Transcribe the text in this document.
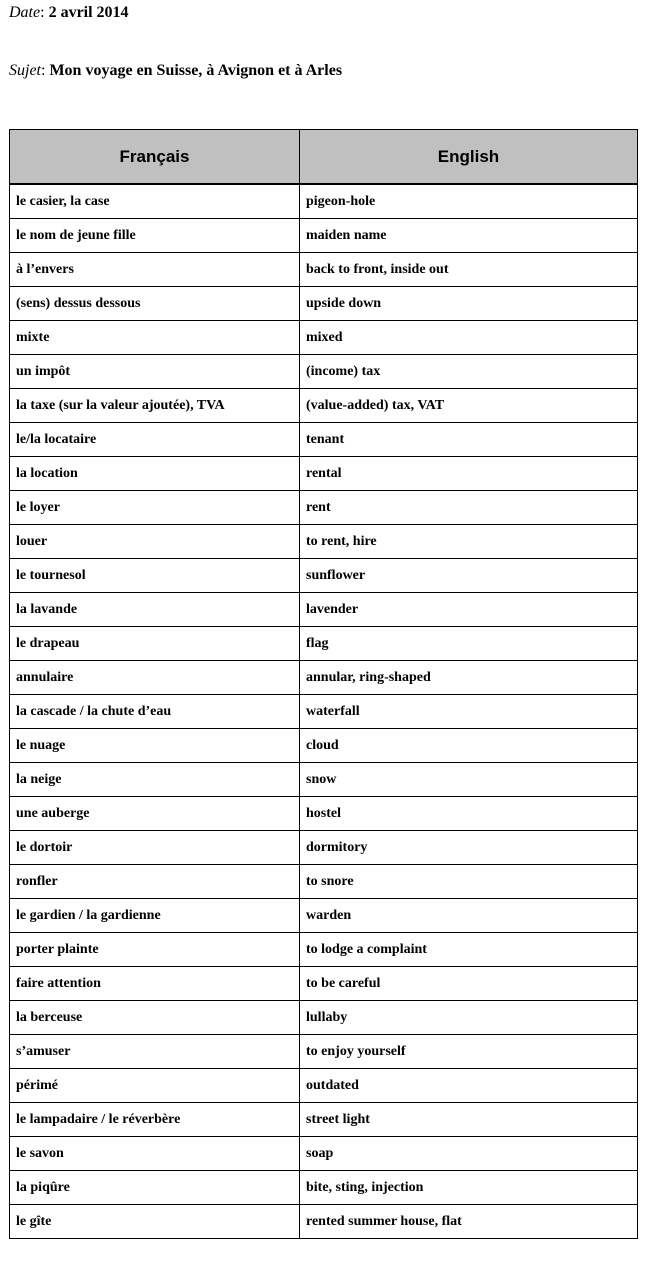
Date: 2 avril 2014
Sujet: Mon voyage en Suisse, à Avignon et à Arles
Français	English
le casier, la case	pigeon-hole
le nom de jeune fille	maiden name
à l’envers	back to front, inside out
(sens) dessus dessous	upside down
mixte	mixed
un impôt	(income) tax
la taxe (sur la valeur ajoutée), TVA	(value-added) tax, VAT
le/la locataire	tenant
la location	rental
le loyer	rent
louer	to rent, hire
le tournesol	sunflower
la lavande	lavender
le drapeau	flag
annulaire	annular, ring-shaped
la cascade / la chute d’eau	waterfall
le nuage	cloud
la neige	snow
une auberge	hostel
le dortoir	dormitory
ronfler	to snore
le gardien / la gardienne	warden
porter plainte	to lodge a complaint
faire attention	to be careful
la berceuse	lullaby
s’amuser	to enjoy yourself
périmé	outdated
le lampadaire / le réverbère	street light
le savon	soap
la piqûre	bite, sting, injection
le gîte	rented summer house, flat
